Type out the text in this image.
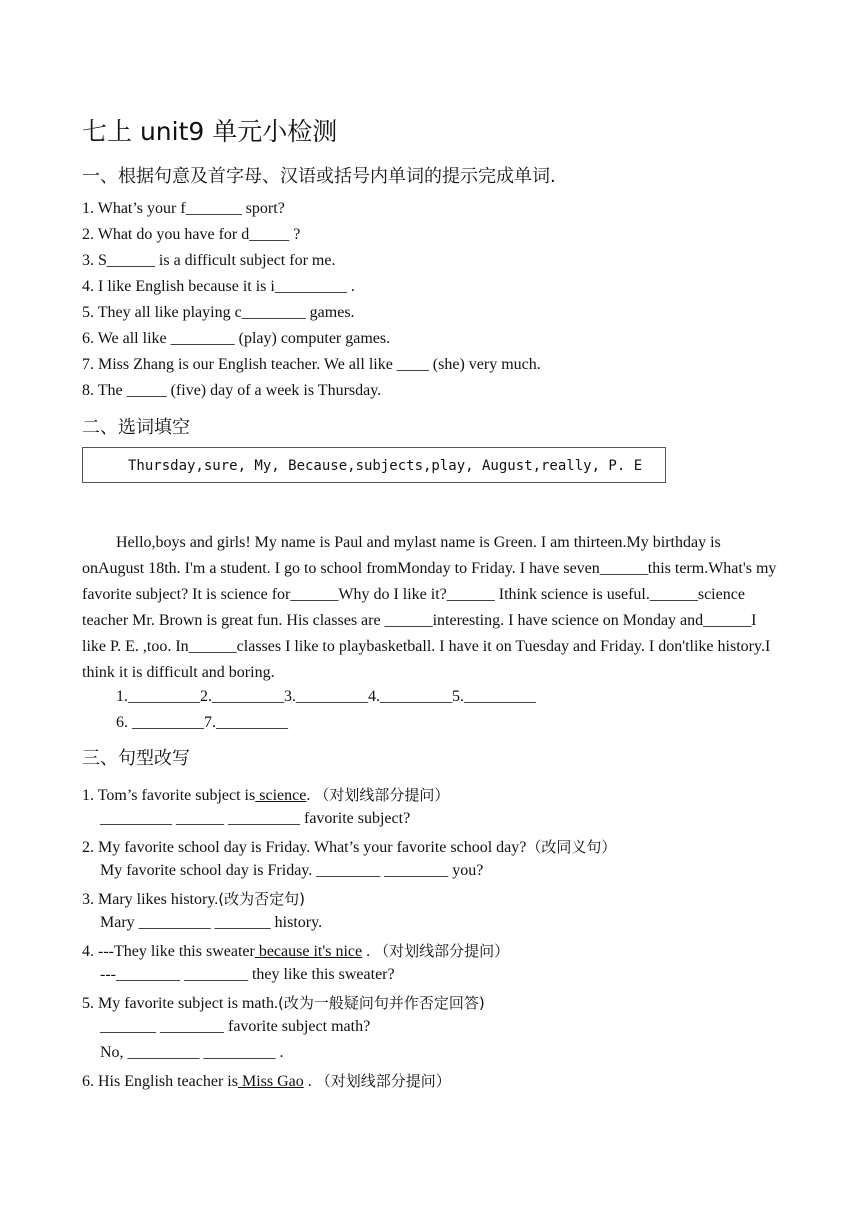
七上 unit9 单元小检测
一、根据句意及首字母、汉语或括号内单词的提示完成单词.
1. What’s your f_______ sport?
2. What do you have for d_____ ?
3. S______ is a difficult subject for me.
4. I like English because it is i_________ .
5. They all like playing c________ games.
6. We all like ________ (play) computer games.
7. Miss Zhang is our English teacher. We all like ____ (she) very much.
8. The _____ (five) day of a week is Thursday.
二、选词填空
Thursday,sure, My, Because,subjects,play, August,really, P. E
Hello,boys and girls! My name is Paul and mylast name is Green. I am thirteen.My birthday is onAugust 18th. I'm a student. I go to school fromMonday to Friday. I have seven______this term.What's my favorite subject? It is science for______Why do I like it?______ Ithink science is useful.______science teacher Mr. Brown is great fun. His classes are ______interesting. I have science on Monday and______I like P. E. ,too. In______classes I like to playbasketball. I have it on Tuesday and Friday. I don'tlike history.I think it is difficult and boring.
1._________2._________3._________4._________5._________
6. _________7._________
三、句型改写
1. Tom’s favorite subject is science. （对划线部分提问）
_________ ______ _________ favorite subject?
2. My favorite school day is Friday. What’s your favorite school day?（改同义句）
My favorite school day is Friday. ________ ________ you?
3. Mary likes history.(改为否定句)
Mary _________ _______ history.
4. ---They like this sweater because it's nice . （对划线部分提问）
---________ ________ they like this sweater?
5. My favorite subject is math.(改为一般疑问句并作否定回答)
_______ ________ favorite subject math?
No, _________ _________ .
6. His English teacher is Miss Gao . （对划线部分提问）
